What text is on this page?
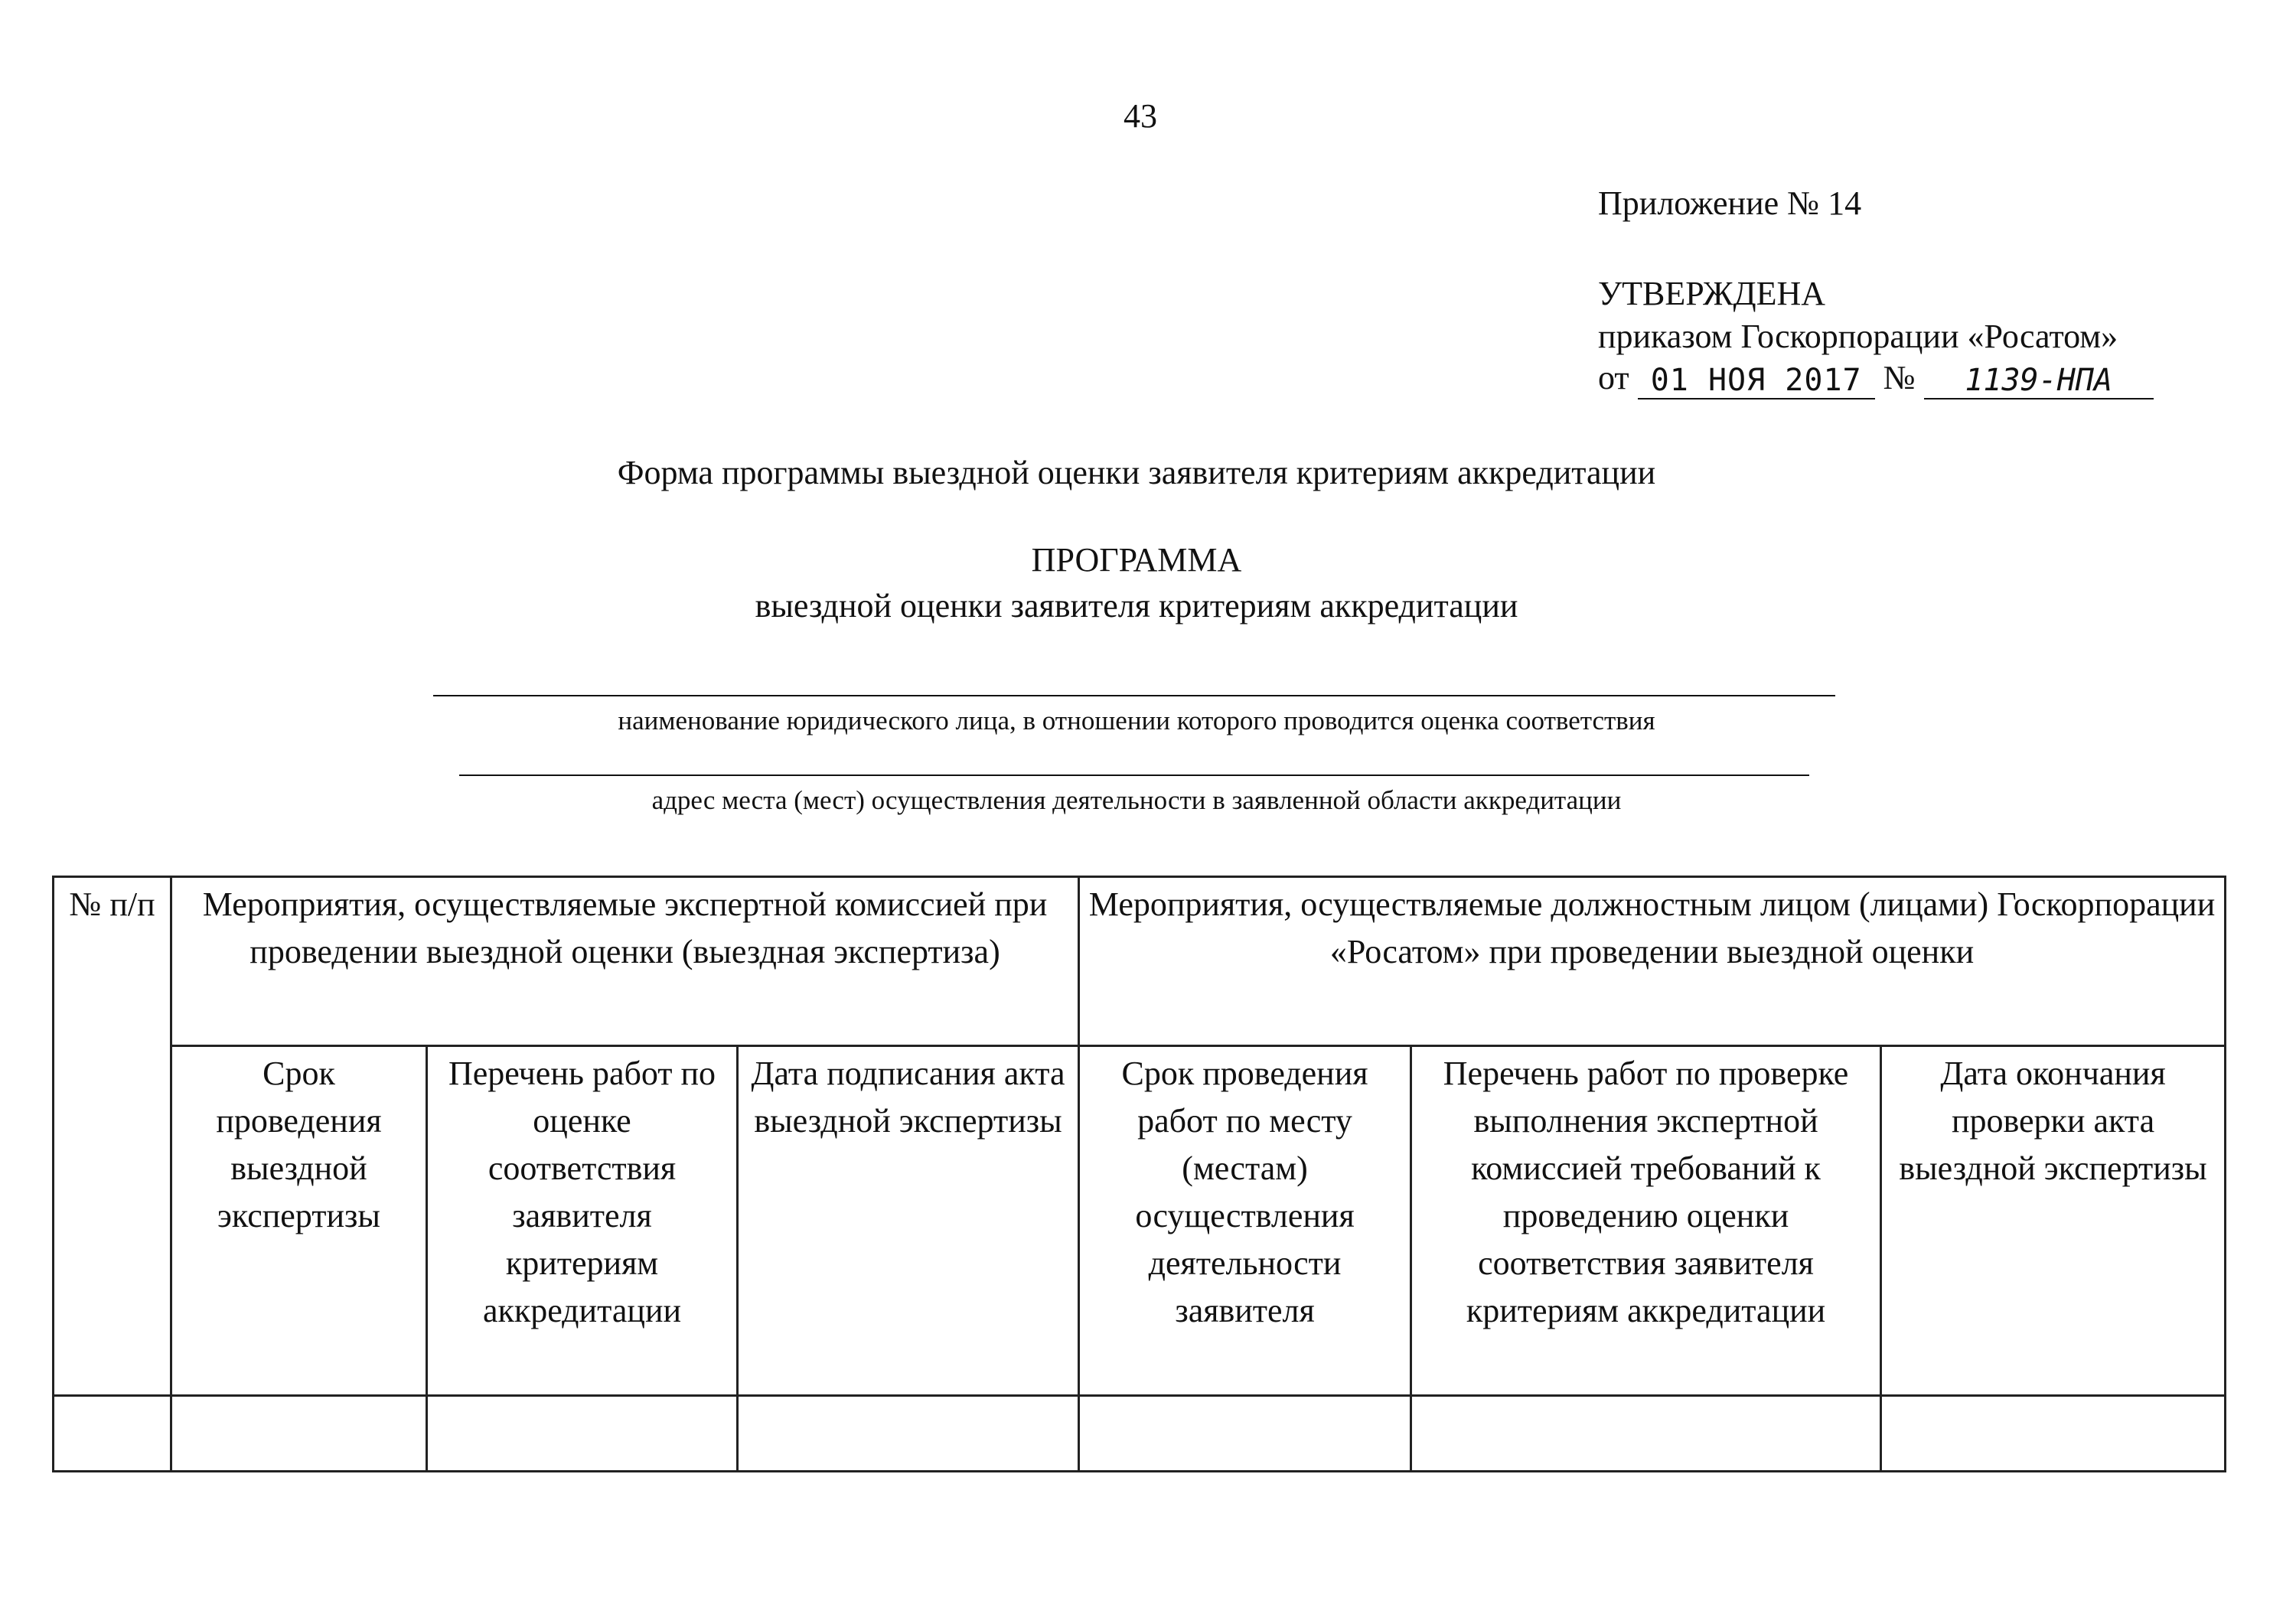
43
Приложение № 14
УТВЕРЖДЕНА
приказом Госкорпорации «Росатом»
от 01 НОЯ 2017 № 1139-НПА
Форма программы выездной оценки заявителя критериям аккредитации
ПРОГРАММА
выездной оценки заявителя критериям аккредитации
наименование юридического лица, в отношении которого проводится оценка соответствия
адрес места (мест) осуществления деятельности в заявленной области аккредитации
№ п/п	Мероприятия, осуществляемые экспертной комиссией при проведении выездной оценки (выездная экспертиза)			Мероприятия, осуществляемые должностным лицом (лицами) Госкорпорации «Росатом» при проведении выездной оценки		
	Срок проведения выездной экспертизы	Перечень работ по оценке соответствия заявителя критериям аккредитации	Дата подписания акта выездной экспертизы	Срок проведения работ по месту (местам) осуществления деятельности заявителя	Перечень работ по проверке выполнения экспертной комиссией требований к проведению оценки соответствия заявителя критериям аккредитации	Дата окончания проверки акта выездной экспертизы
